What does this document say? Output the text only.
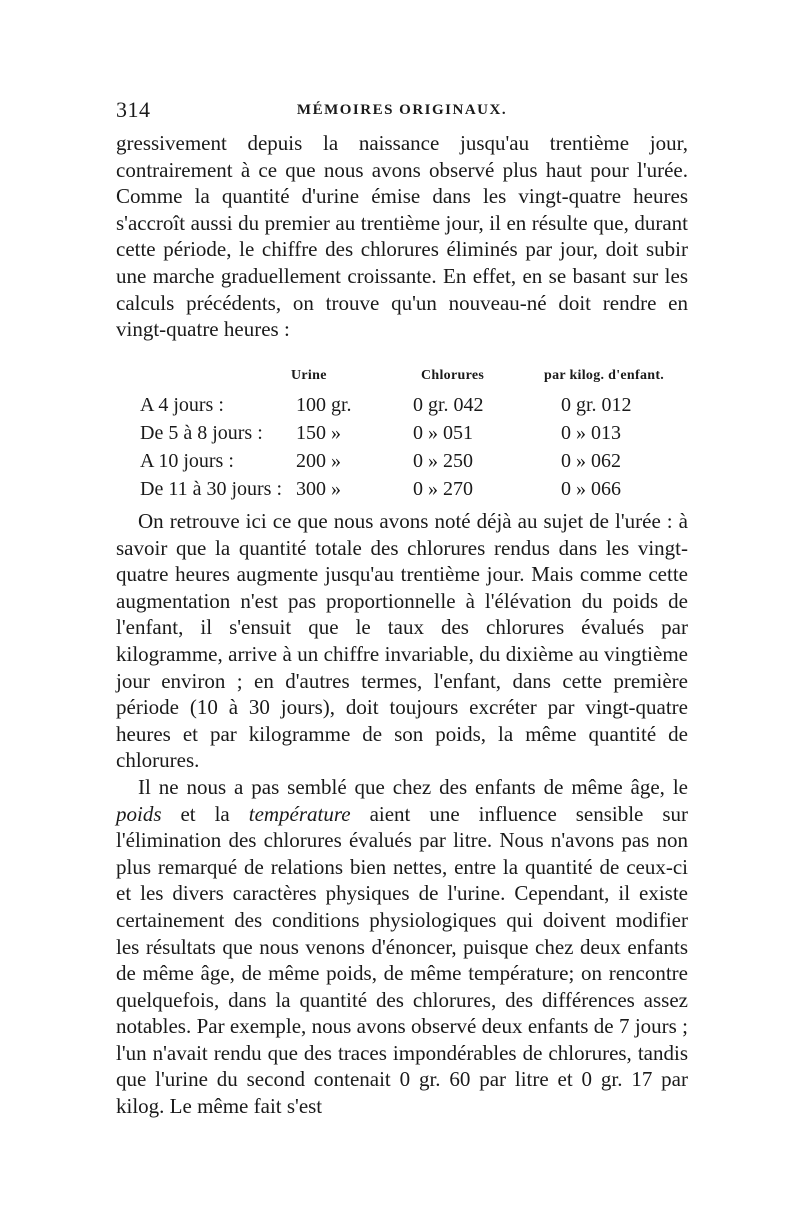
314	MÉMOIRES ORIGINAUX.

gressivement depuis la naissance jusqu'au trentième jour, contrairement à ce que nous avons observé plus haut pour l'urée. Comme la quantité d'urine émise dans les vingt-quatre heures s'accroît aussi du premier au trentième jour, il en résulte que, durant cette période, le chiffre des chlorures éliminés par jour, doit subir une marche graduellement croissante. En effet, en se basant sur les calculs précédents, on trouve qu'un nouveau-né doit rendre en vingt-quatre heures :

Urine	Chlorures	par kilog. d'enfant.
A 4 jours :	100 gr.	0 gr. 042	0 gr. 012
De 5 à 8 jours : 150 »	0 » 051	0 » 013
A 10 jours :	200 »	0 » 250	0 » 062
De 11 à 30 jours : 300 »	0 » 270	0 » 066

On retrouve ici ce que nous avons noté déjà au sujet de l'urée : à savoir que la quantité totale des chlorures rendus dans les vingt-quatre heures augmente jusqu'au trentième jour. Mais comme cette augmentation n'est pas proportionnelle à l'élévation du poids de l'enfant, il s'ensuit que le taux des chlorures évalués par kilogramme, arrive à un chiffre invariable, du dixième au vingtième jour environ ; en d'autres termes, l'enfant, dans cette première période (10 à 30 jours), doit toujours excréter par vingt-quatre heures et par kilogramme de son poids, la même quantité de chlorures.

Il ne nous a pas semblé que chez des enfants de même âge, le poids et la température aient une influence sensible sur l'élimination des chlorures évalués par litre. Nous n'avons pas non plus remarqué de relations bien nettes, entre la quantité de ceux-ci et les divers caractères physiques de l'urine. Cependant, il existe certainement des conditions physiologiques qui doivent modifier les résultats que nous venons d'énoncer, puisque chez deux enfants de même âge, de même poids, de même température; on rencontre quelquefois, dans la quantité des chlorures, des différences assez notables. Par exemple, nous avons observé deux enfants de 7 jours ; l'un n'avait rendu que des traces impondérables de chlorures, tandis que l'urine du second contenait 0 gr. 60 par litre et 0 gr. 17 par kilog. Le même fait s'est
